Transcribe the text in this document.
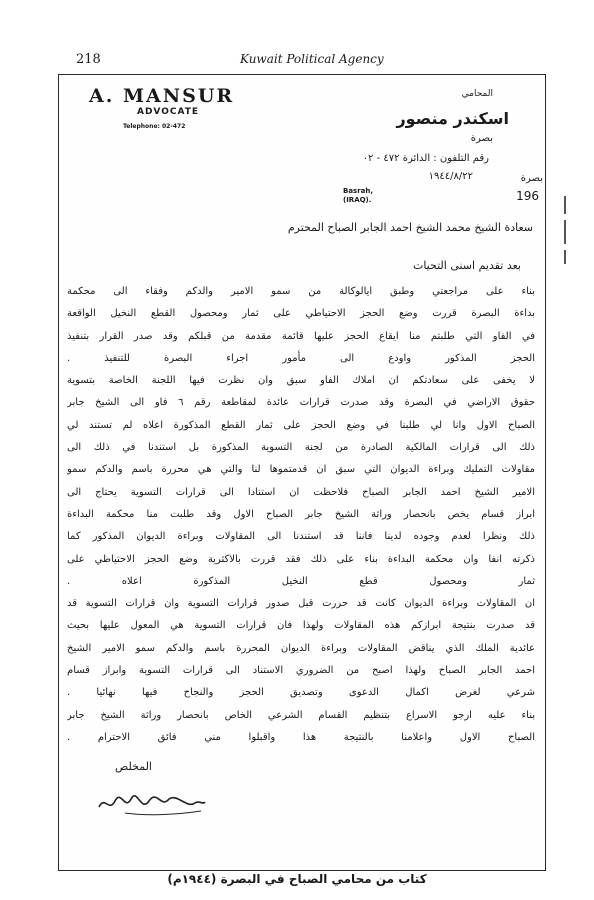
218	Kuwait Political Agency
A. MANSUR
ADVOCATE
Telephone: 02-472
المحامي
اسكندر منصور
بصرة
رقم التلفون : الدائرة ٤٧٢ - ٠٢
١٩٤٤/٨/٢٢	بصرة
196
Basrah,
(IRAQ).
سعادة الشيخ محمد الشيخ احمد الجابر الصباح المحترم
بعد تقديم اسنى التحيات
بناء على مراجعتي وطبق ايالوكالة من سمو الامير والدكم وفقاء الى محكمة
بداءة البصرة قررت وضع الحجز الاحتياطي على ثمار ومحصول القطع النخيل الواقعة
في الفاو التي طلبتم منا ايقاع الحجز عليها قائمة مقدمة من قبلكم وقد صدر القرار بتنفيذ
الحجز المذكور واودع الى مأمور اجراء البصرة للتنفيذ .
لا يخفى على سعادتكم ان املاك الفاو سبق وان نظرت فيها اللجنة الخاصة بتسوية
حقوق الاراضي في البصرة وقد صدرت قرارات عائدة لمقاطعة رقم ٦ فاو الى الشيخ جابر
الصباح الاول وانا لي طلبنا في وضع الحجز على ثمار القطع المذكورة اعلاه لم تستند لي
ذلك الى قرارات المالكية الصادرة من لجنة التسوية المذكورة بل استندنا في ذلك الى
مقاولات التمليك وبراءة الديوان التي سبق ان قدمتموها لنا والتي هي محررة باسم والدكم سمو
الامير الشيخ احمد الجابر الصباح فلاحظت ان استنادا الى قرارات التسوية يحتاج الى
ابراز قسام يخص بانحصار وراثة الشيخ جابر الصباح الاول وقد طلبت منا محكمة البداءة
ذلك ونظرا لعدم وجوده لدينا فاننا قد استندنا الى المقاولات وبراءة الديوان المذكور كما
ذكرته انفا وان محكمة البداءة بناء على ذلك فقد قررت بالاكثرية وضع الحجز الاحتياطي على
ثمار ومحصول قطع النخيل المذكورة اعلاه .
ان المقاولات وبراءة الديوان كانت قد حررت قبل صدور قرارات التسوية وان قرارات التسوية قد
قد صدرت بنتيجة ابرازكم هذه المقاولات ولهذا فان قرارات التسوية هي المعول عليها بحيث
عائدية الملك الذي يناقض المقاولات وبراءة الديوان المحررة باسم والدكم سمو الامير الشيخ
احمد الجابر الصباح ولهذا اصبح من الضروري الاستناد الى قرارات التسوية وابراز قسام
شرعي لغرض اكمال الدعوى وتصديق الحجز والنجاح فيها نهائيا .
بناء عليه ارجو الاسراع بتنظيم القسام الشرعي الخاص بانحصار وراثة الشيخ جابر
الصباح الاول واعلامنا بالنتيجة هذا واقبلوا مني فائق الاحترام .
المخلص
كتاب من محامي الصباح في البصرة (١٩٤٤م)
